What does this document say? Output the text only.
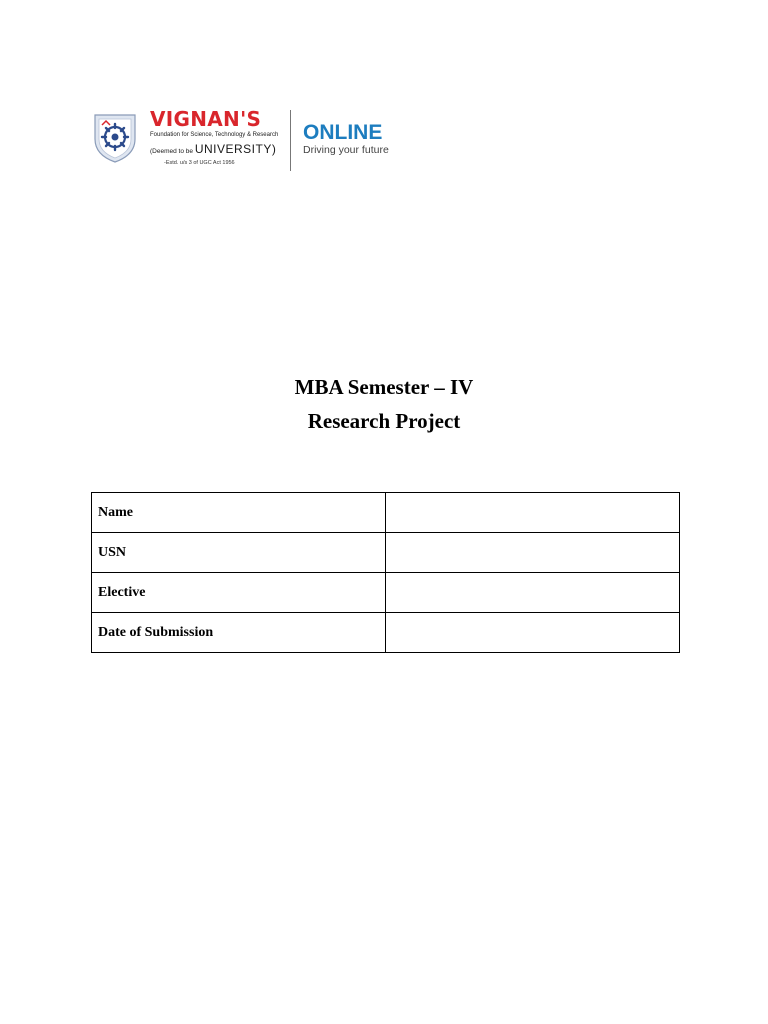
VIGNAN'S
Foundation for Science, Technology & Research
(Deemed to be UNIVERSITY)
-Estd. u/s 3 of UGC Act 1956
ONLINE
Driving your future
MBA Semester – IV
Research Project
Name	
USN	
Elective	
Date of Submission	
